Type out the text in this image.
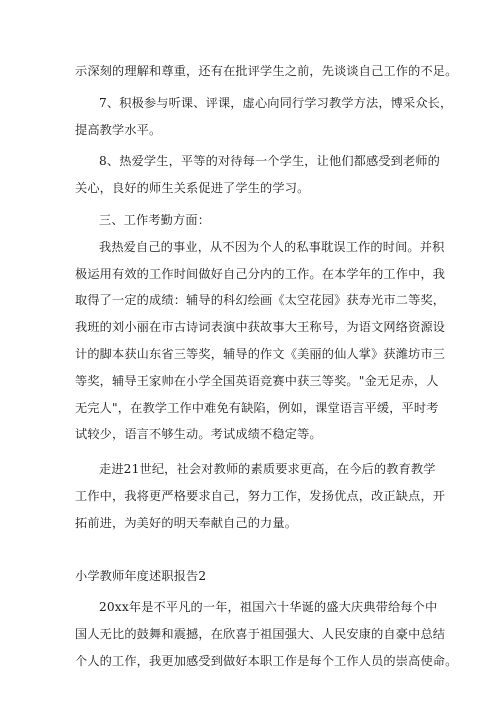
示深刻的理解和尊重，还有在批评学生之前，先谈谈自己工作的不足。
7、积极参与听课、评课，虚心向同行学习教学方法，博采众长，
提高教学水平。
8、热爱学生，平等的对待每一个学生，让他们都感受到老师的
关心，良好的师生关系促进了学生的学习。
三、工作考勤方面：
我热爱自己的事业，从不因为个人的私事耽误工作的时间。并积
极运用有效的工作时间做好自己分内的工作。在本学年的工作中，我
取得了一定的成绩：辅导的科幻绘画《太空花园》获寿光市二等奖，
我班的刘小丽在市古诗词表演中获故事大王称号，为语文网络资源设
计的脚本获山东省三等奖，辅导的作文《美丽的仙人掌》获潍坊市三
等奖，辅导王家帅在小学全国英语竞赛中获三等奖。"金无足赤，人
无完人"，在教学工作中难免有缺陷，例如，课堂语言平缓，平时考
试较少，语言不够生动。考试成绩不稳定等。
走进21世纪，社会对教师的素质要求更高，在今后的教育教学
工作中，我将更严格要求自己，努力工作，发扬优点，改正缺点，开
拓前进，为美好的明天奉献自己的力量。
小学教师年度述职报告2
20xx年是不平凡的一年，祖国六十华诞的盛大庆典带给每个中
国人无比的鼓舞和震撼，在欣喜于祖国强大、人民安康的自豪中总结
个人的工作，我更加感受到做好本职工作是每个工作人员的崇高使命。
